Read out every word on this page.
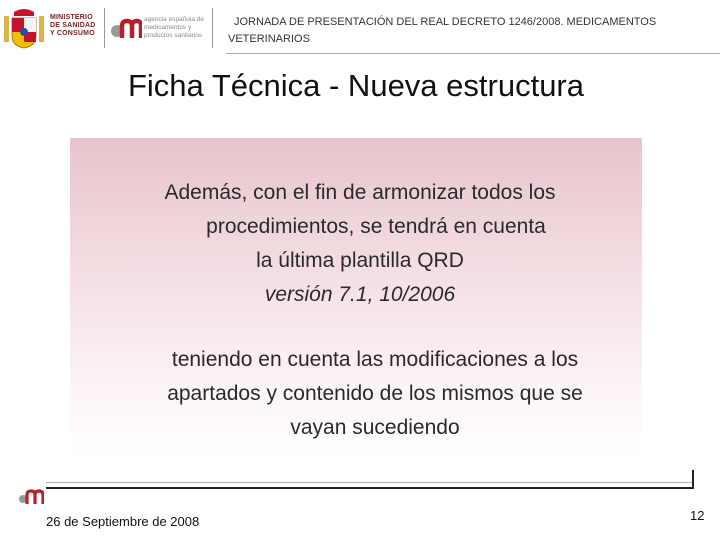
MINISTERIO
DE SANIDAD
Y CONSUMO
agencia española de
medicamentos y
productos sanitarios
JORNADA DE PRESENTACIÓN DEL REAL DECRETO 1246/2008. MEDICAMENTOS
VETERINARIOS
Ficha Técnica - Nueva estructura
Además, con el fin de armonizar todos los
procedimientos, se tendrá en cuenta
la última plantilla QRD
versión 7.1, 10/2006
teniendo en cuenta las modificaciones a los
apartados y contenido de los mismos que se
vayan sucediendo
26 de Septiembre de 2008	12
